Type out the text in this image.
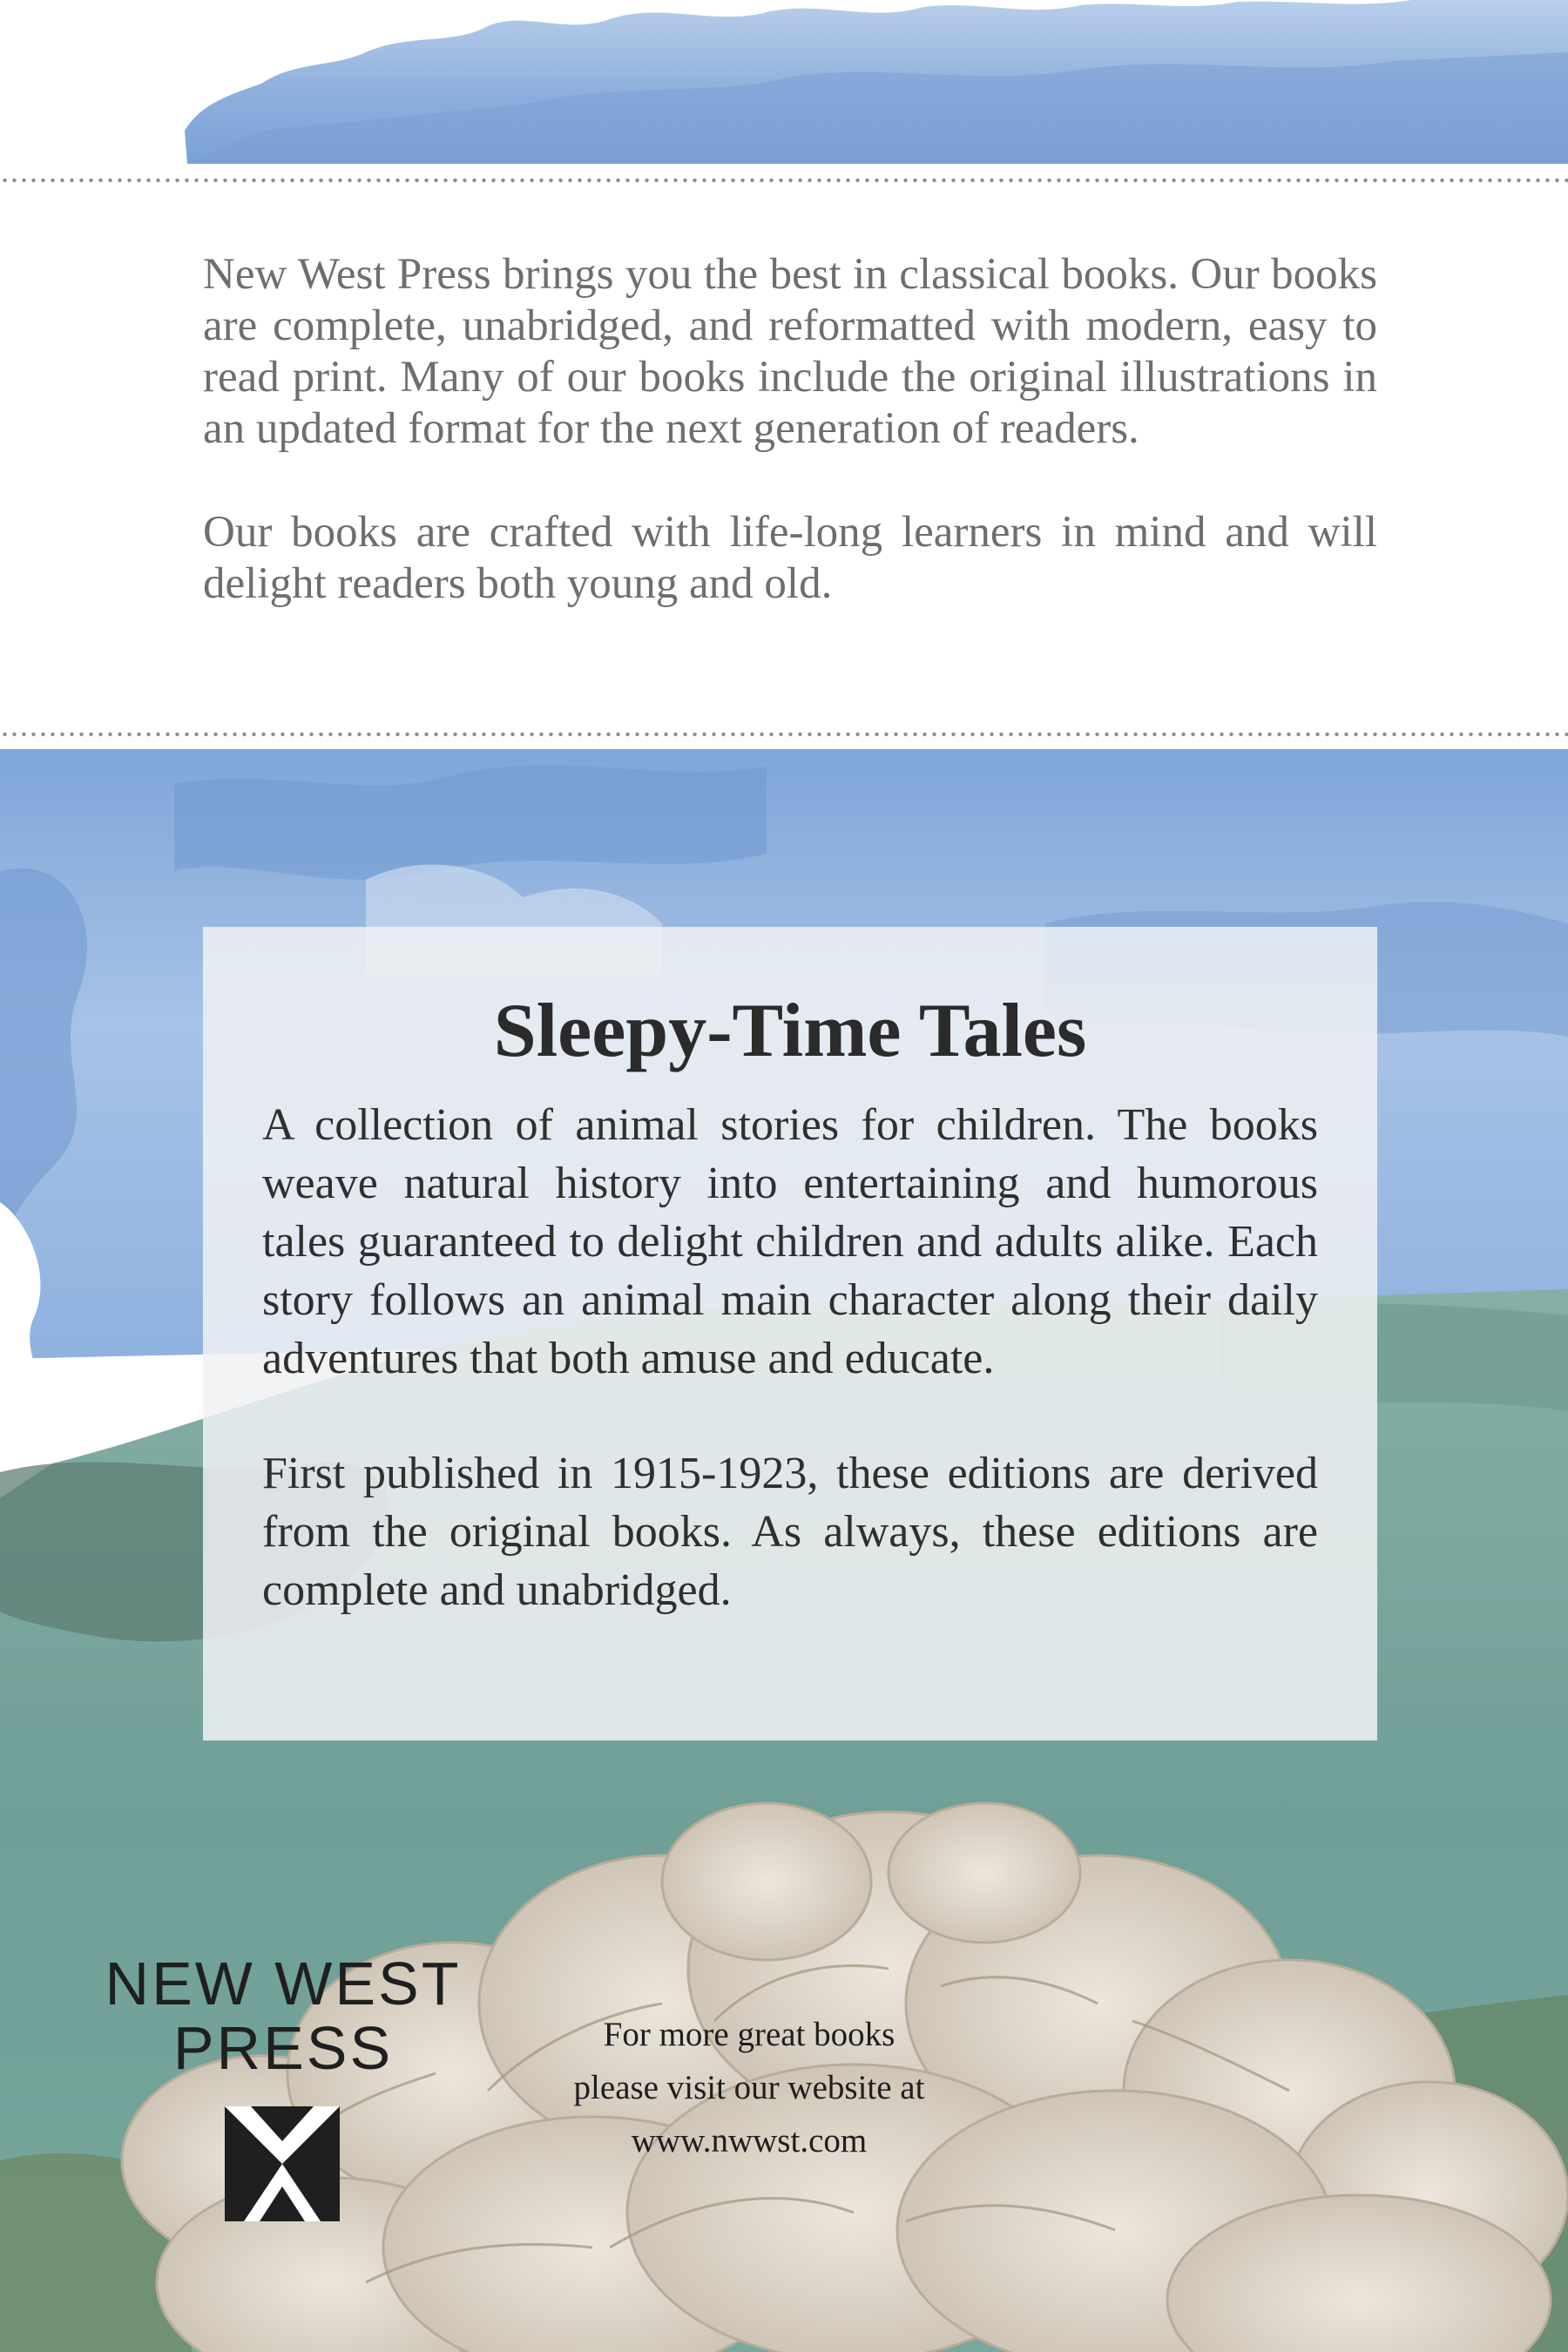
New West Press brings you the best in classical books. Our books are complete, unabridged, and reformatted with modern, easy to read print. Many of our books include the original illustrations in an updated format for the next generation of readers.

Our books are crafted with life-long learners in mind and will delight readers both young and old.

Sleepy-Time Tales

A collection of animal stories for children. The books weave natural history into entertaining and humorous tales guaranteed to delight children and adults alike. Each story follows an animal main character along their daily adventures that both amuse and educate.

First published in 1915-1923, these editions are derived from the original books. As always, these editions are complete and unabridged.

NEW WEST
PRESS	For more great books
please visit our website at
www.nwwst.com
